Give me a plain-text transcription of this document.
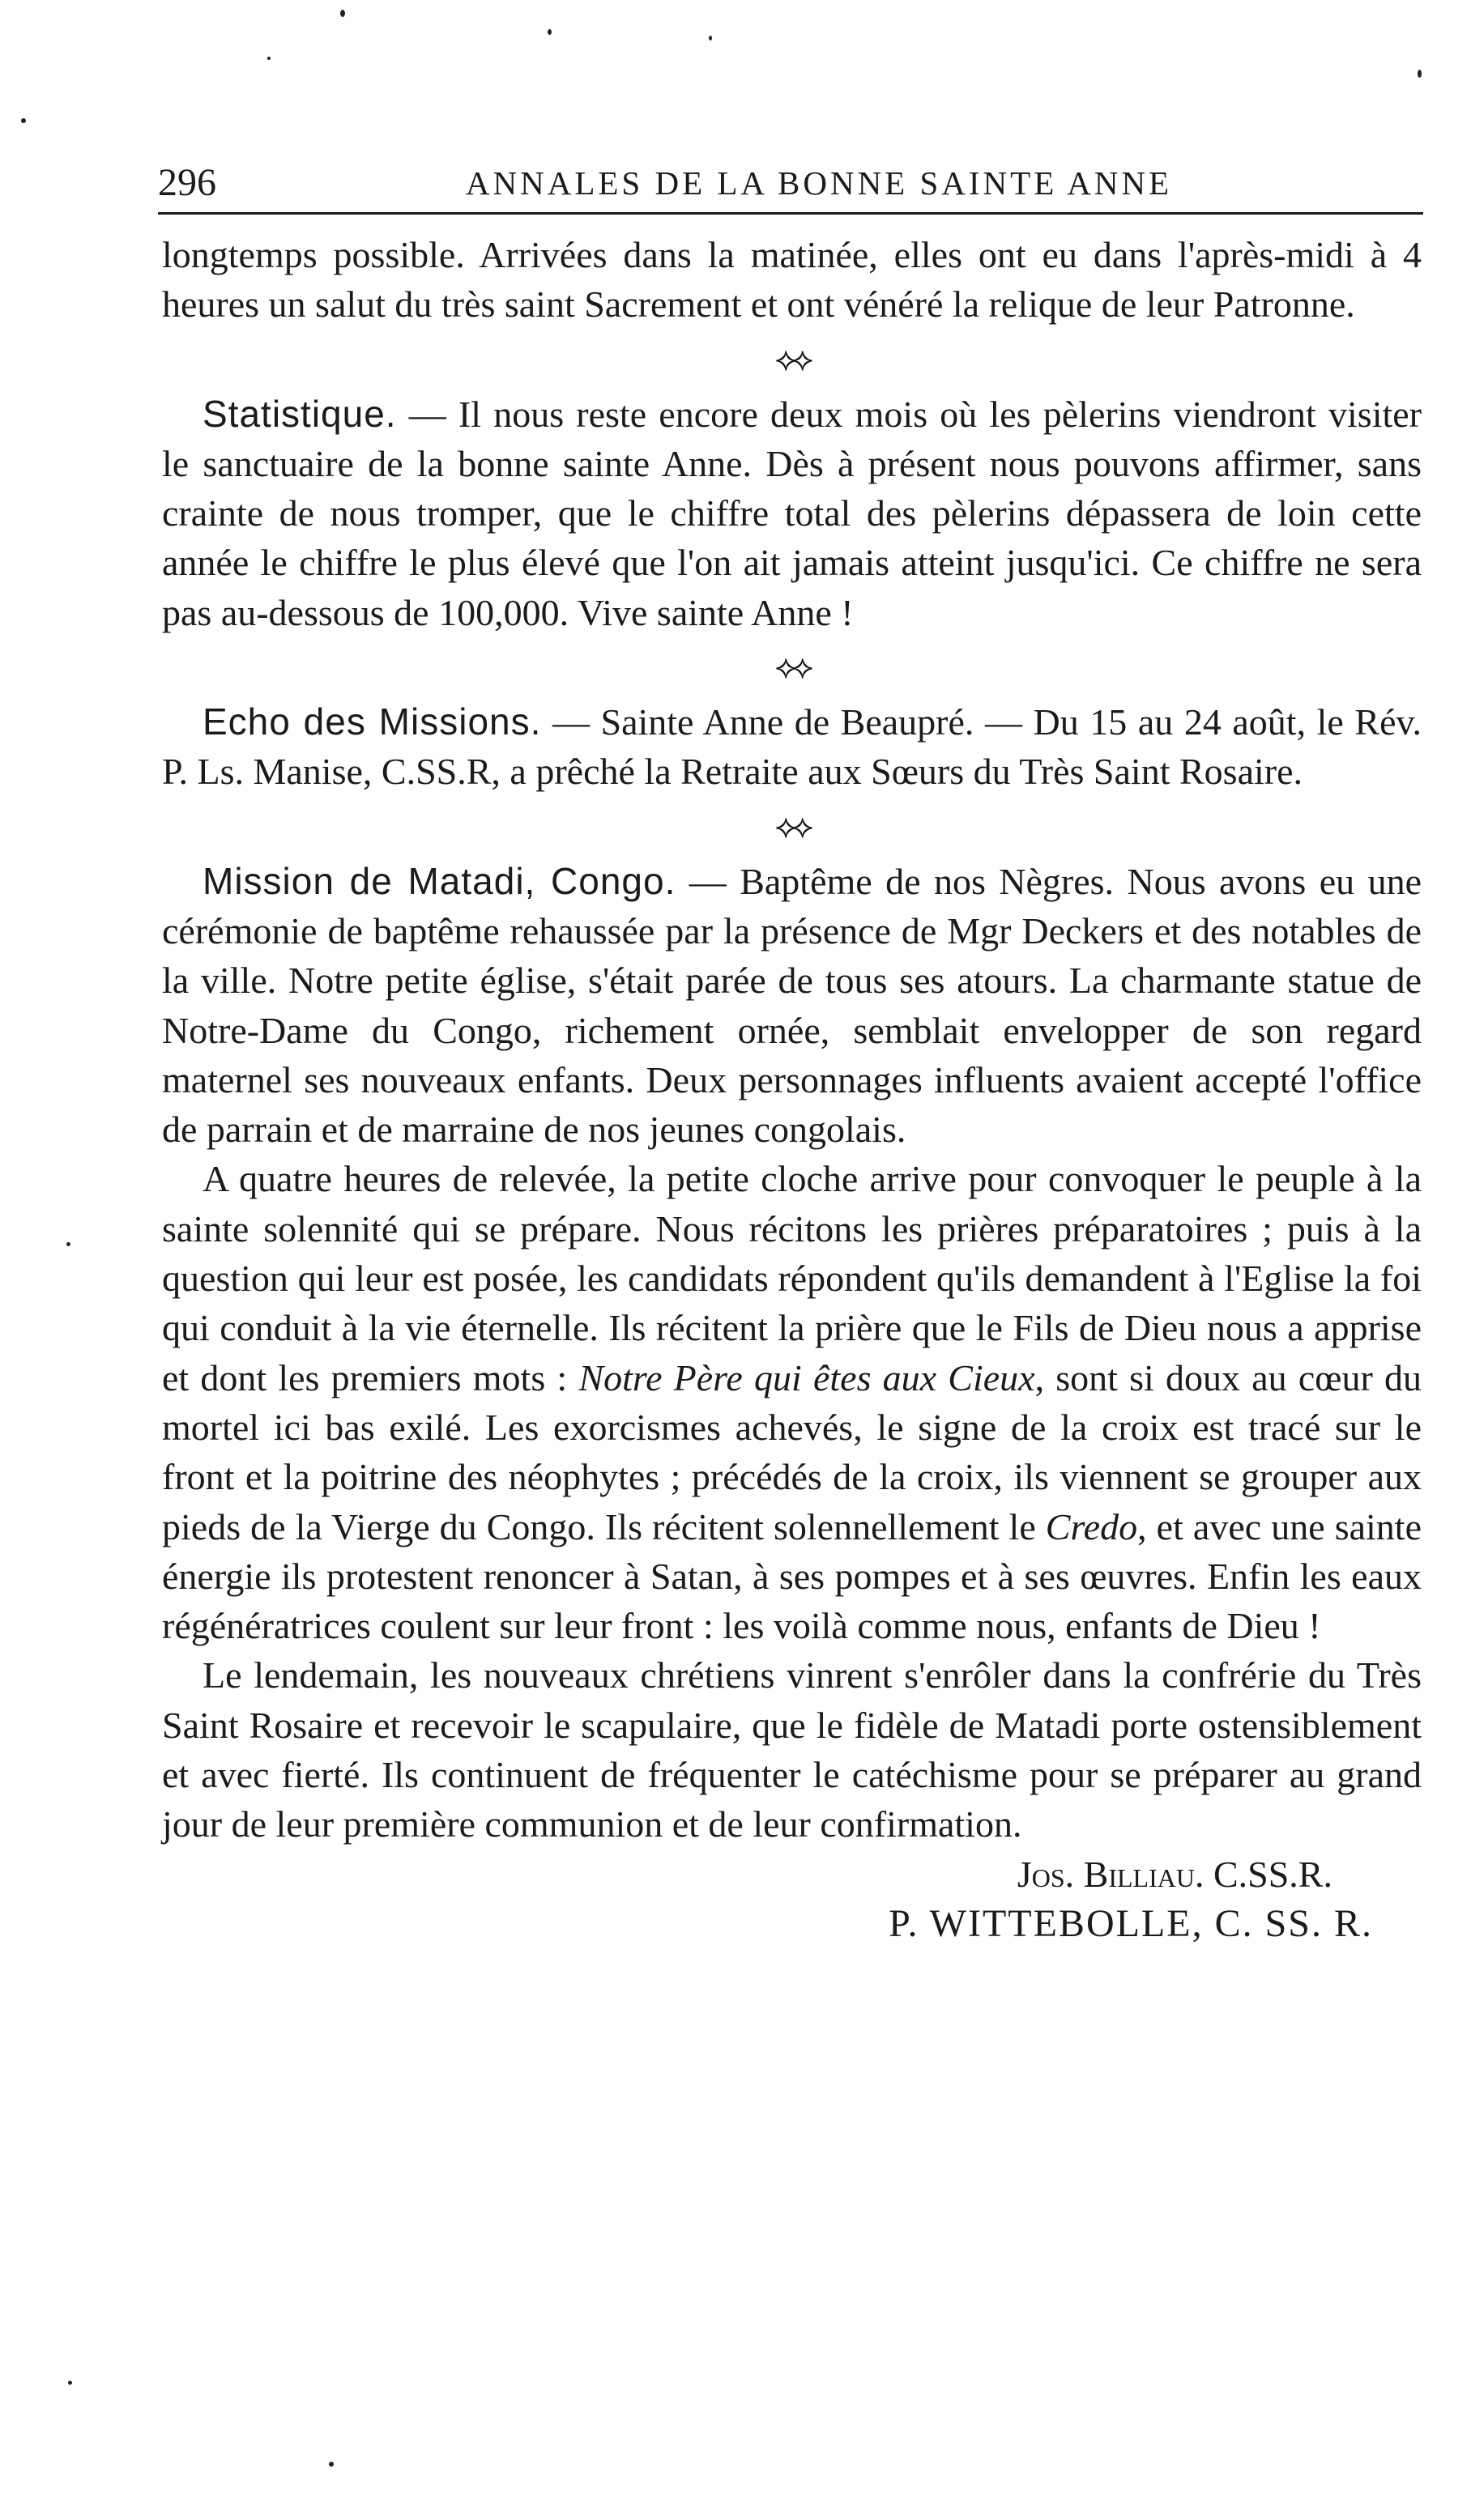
296	ANNALES DE LA BONNE SAINTE ANNE

longtemps possible. Arrivées dans la matinée, elles ont eu dans l'après-midi à 4 heures un salut du très saint Sacrement et ont vénéré la relique de leur Patronne.

⟡⟡

Statistique. — Il nous reste encore deux mois où les pèlerins viendront visiter le sanctuaire de la bonne sainte Anne. Dès à présent nous pouvons affirmer, sans crainte de nous tromper, que le chiffre total des pèlerins dépassera de loin cette année le chiffre le plus élevé que l'on ait jamais atteint jusqu'ici. Ce chiffre ne sera pas au-dessous de 100,000. Vive sainte Anne !

⟡⟡

Echo des Missions. — Sainte Anne de Beaupré. — Du 15 au 24 août, le Rév. P. Ls. Manise, C.SS.R, a prêché la Retraite aux Sœurs du Très Saint Rosaire.

⟡⟡

Mission de Matadi, Congo. — Baptême de nos Nègres. Nous avons eu une cérémonie de baptême rehaussée par la présence de Mgr Deckers et des notables de la ville. Notre petite église, s'était parée de tous ses atours. La charmante statue de Notre-Dame du Congo, richement ornée, semblait envelopper de son regard maternel ses nouveaux enfants. Deux personnages influents avaient accepté l'office de parrain et de marraine de nos jeunes congolais.

A quatre heures de relevée, la petite cloche arrive pour convoquer le peuple à la sainte solennité qui se prépare. Nous récitons les prières préparatoires ; puis à la question qui leur est posée, les candidats répondent qu'ils demandent à l'Eglise la foi qui conduit à la vie éternelle. Ils récitent la prière que le Fils de Dieu nous a apprise et dont les premiers mots : Notre Père qui êtes aux Cieux, sont si doux au cœur du mortel ici bas exilé. Les exorcismes achevés, le signe de la croix est tracé sur le front et la poitrine des néophytes ; précédés de la croix, ils viennent se grouper aux pieds de la Vierge du Congo. Ils récitent solennellement le Credo, et avec une sainte énergie ils protestent renoncer à Satan, à ses pompes et à ses œuvres. Enfin les eaux régénératrices coulent sur leur front : les voilà comme nous, enfants de Dieu !

Le lendemain, les nouveaux chrétiens vinrent s'enrôler dans la confrérie du Très Saint Rosaire et recevoir le scapulaire, que le fidèle de Matadi porte ostensiblement et avec fierté. Ils continuent de fréquenter le catéchisme pour se préparer au grand jour de leur première communion et de leur confirmation.

Jos. Billiau. C.SS.R.

P. WITTEBOLLE, C. SS. R.
